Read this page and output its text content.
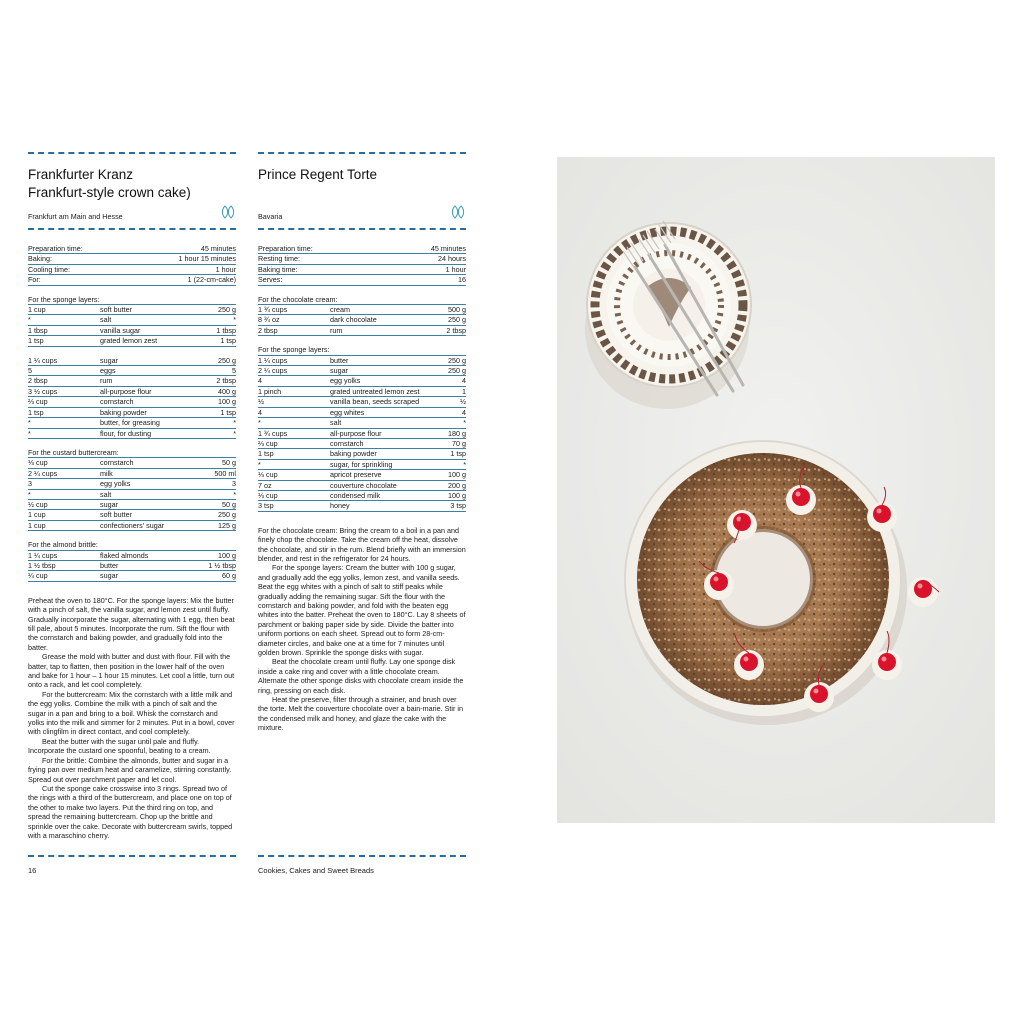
Frankfurter Kranz
Frankfurt-style crown cake)
Frankfurt am Main and Hesse
Preparation time:	45 minutes
Baking:	1 hour 15 minutes
Cooling time:	1 hour
For:	1 (22-cm-cake)
For the sponge layers:
1 cup	soft butter	250 g
*	salt	*
1 tbsp	vanilla sugar	1 tbsp
1 tsp	grated lemon zest	1 tsp
1 ¼ cups	sugar	250 g
5	eggs	5
2 tbsp	rum	2 tbsp
3 ½ cups	all-purpose flour	400 g
⅔ cup	cornstarch	100 g
1 tsp	baking powder	1 tsp
*	butter, for greasing	*
*	flour, for dusting	*
For the custard buttercream:
⅓ cup	cornstarch	50 g
2 ¼ cups	milk	500 ml
3	egg yolks	3
*	salt	*
½ cup	sugar	50 g
1 cup	soft butter	250 g
1 cup	confectioners' sugar	125 g
For the almond brittle:
1 ¼ cups	flaked almonds	100 g
1 ½ tbsp	butter	1 ½ tbsp
¼ cup	sugar	60 g

Preheat the oven to 180°C. For the sponge layers: Mix the butter with a pinch of salt, the vanilla sugar, and lemon zest until fluffy. Gradually incorporate the sugar, alternating with 1 egg, then beat till pale, about 5 minutes. Incorporate the rum. Sift the flour with the cornstarch and baking powder, and gradually fold into the batter.

Grease the mold with butter and dust with flour. Fill with the batter, tap to flatten, then position in the lower half of the oven and bake for 1 hour – 1 hour 15 minutes. Let cool a little, turn out onto a rack, and let cool completely.

For the buttercream: Mix the cornstarch with a little milk and the egg yolks. Combine the milk with a pinch of salt and the sugar in a pan and bring to a boil. Whisk the cornstarch and yolks into the milk and simmer for 2 minutes. Put in a bowl, cover with clingfilm in direct contact, and cool completely.

Beat the butter with the sugar until pale and fluffy. Incorporate the custard one spoonful, beating to a cream.

For the brittle: Combine the almonds, butter and sugar in a frying pan over medium heat and caramelize, stirring constantly. Spread out over parchment paper and let cool.

Cut the sponge cake crosswise into 3 rings. Spread two of the rings with a third of the buttercream, and place one on top of the other to make two layers. Put the third ring on top, and spread the remaining buttercream. Chop up the brittle and sprinkle over the cake. Decorate with buttercream swirls, topped with a maraschino cherry.

Prince Regent Torte

Bavaria
Preparation time:	45 minutes
Resting time:	24 hours
Baking time:	1 hour
Serves:	16
For the chocolate cream:
1 ¾ cups	cream	500 g
8 ¾ oz	dark chocolate	250 g
2 tbsp	rum	2 tbsp
For the sponge layers:
1 ¼ cups	butter	250 g
2 ¼ cups	sugar	250 g
4	egg yolks	4
1 pinch	grated untreated lemon zest	1
½	vanilla bean, seeds scraped	½
4	egg whites	4
*	salt	*
1 ¾ cups	all-purpose flour	180 g
⅔ cup	cornstarch	70 g
1 tsp	baking powder	1 tsp
*	sugar, for sprinkling	*
⅓ cup	apricot preserve	100 g
7 oz	couverture chocolate	200 g
⅓ cup	condensed milk	100 g
3 tsp	honey	3 tsp

For the chocolate cream: Bring the cream to a boil in a pan and finely chop the chocolate. Take the cream off the heat, dissolve the chocolate, and stir in the rum. Blend briefly with an immersion blender, and rest in the refrigerator for 24 hours.

For the sponge layers: Cream the butter with 100 g sugar, and gradually add the egg yolks, lemon zest, and vanilla seeds. Beat the egg whites with a pinch of salt to stiff peaks while gradually adding the remaining sugar. Sift the flour with the cornstarch and baking powder, and fold with the beaten egg whites into the batter. Preheat the oven to 180°C. Lay 8 sheets of parchment or baking paper side by side. Divide the batter into uniform portions on each sheet. Spread out to form 28-cm-diameter circles, and bake one at a time for 7 minutes until golden brown. Sprinkle the sponge disks with sugar.

Beat the chocolate cream until fluffy. Lay one sponge disk inside a cake ring and cover with a little chocolate cream. Alternate the other sponge disks with chocolate cream inside the ring, pressing on each disk.

Heat the preserve, filter through a strainer, and brush over the torte. Melt the couverture chocolate over a bain-marie. Stir in the condensed milk and honey, and glaze the cake with the mixture.

16	Cookies, Cakes and Sweet Breads
